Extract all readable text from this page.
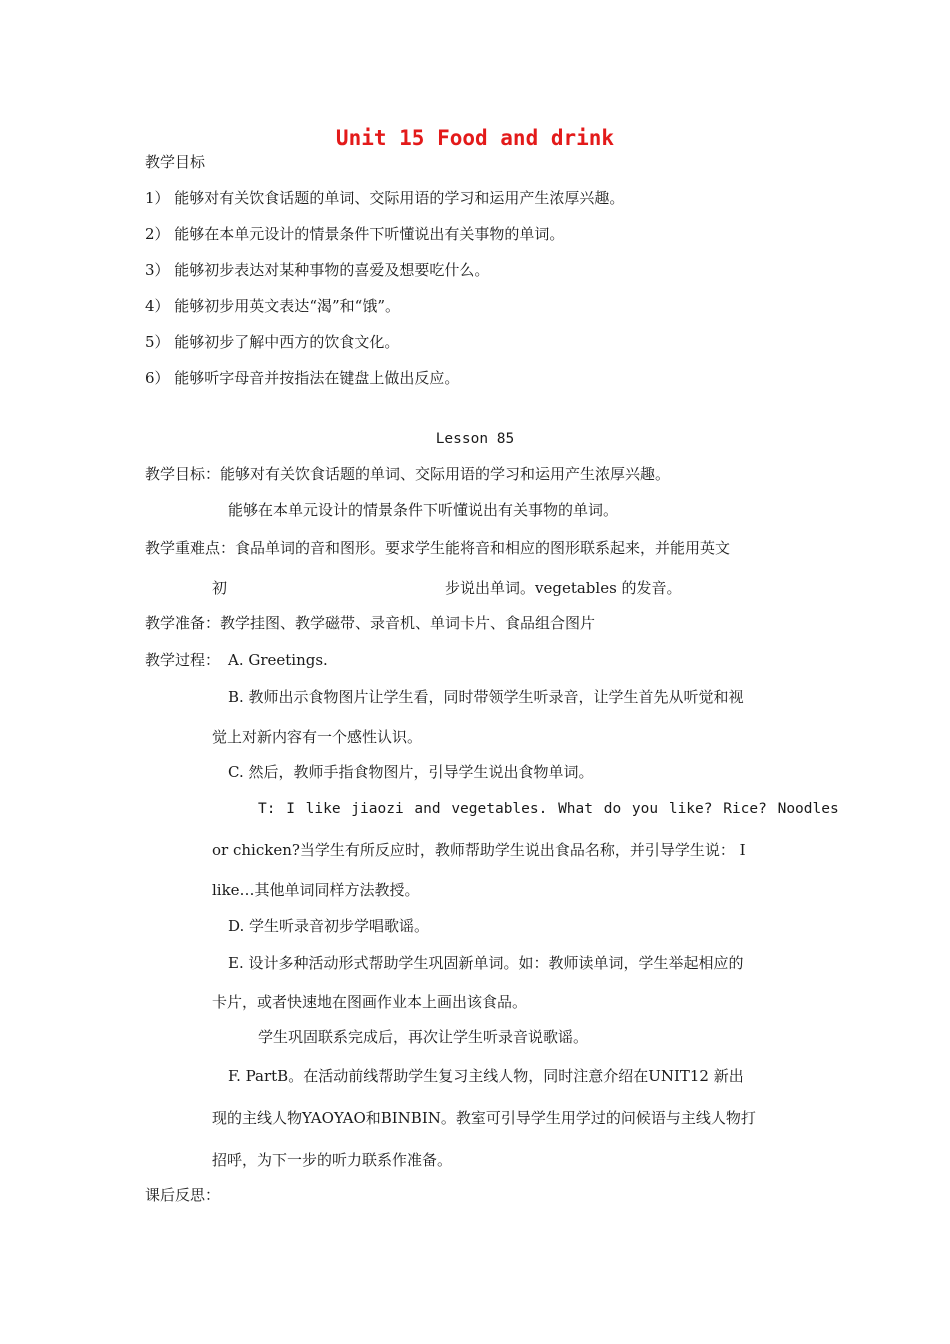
Unit 15 Food and drink
教学目标
1） 能够对有关饮食话题的单词、交际用语的学习和运用产生浓厚兴趣。
2） 能够在本单元设计的情景条件下听懂说出有关事物的单词。
3） 能够初步表达对某种事物的喜爱及想要吃什么。
4） 能够初步用英文表达“渴”和“饿”。
5） 能够初步了解中西方的饮食文化。
6） 能够听字母音并按指法在键盘上做出反应。
Lesson 85
教学目标：能够对有关饮食话题的单词、交际用语的学习和运用产生浓厚兴趣。
能够在本单元设计的情景条件下听懂说出有关事物的单词。
教学重难点：食品单词的音和图形。要求学生能将音和相应的图形联系起来，并能用英文
初	步说出单词。vegetables 的发音。
教学准备：教学挂图、教学磁带、录音机、单词卡片、食品组合图片
教学过程： A. Greetings.
B. 教师出示食物图片让学生看，同时带领学生听录音，让学生首先从听觉和视
觉上对新内容有一个感性认识。
C. 然后，教师手指食物图片，引导学生说出食物单词。
T: I like jiaozi and vegetables. What do you like? Rice? Noodles
or chicken?当学生有所反应时，教师帮助学生说出食品名称，并引导学生说： I
like…其他单词同样方法教授。
D. 学生听录音初步学唱歌谣。
E. 设计多种活动形式帮助学生巩固新单词。如：教师读单词，学生举起相应的
卡片，或者快速地在图画作业本上画出该食品。
学生巩固联系完成后，再次让学生听录音说歌谣。
F. PartB。在活动前线帮助学生复习主线人物，同时注意介绍在UNIT12 新出
现的主线人物YAOYAO和BINBIN。教室可引导学生用学过的问候语与主线人物打
招呼，为下一步的听力联系作准备。
课后反思：
